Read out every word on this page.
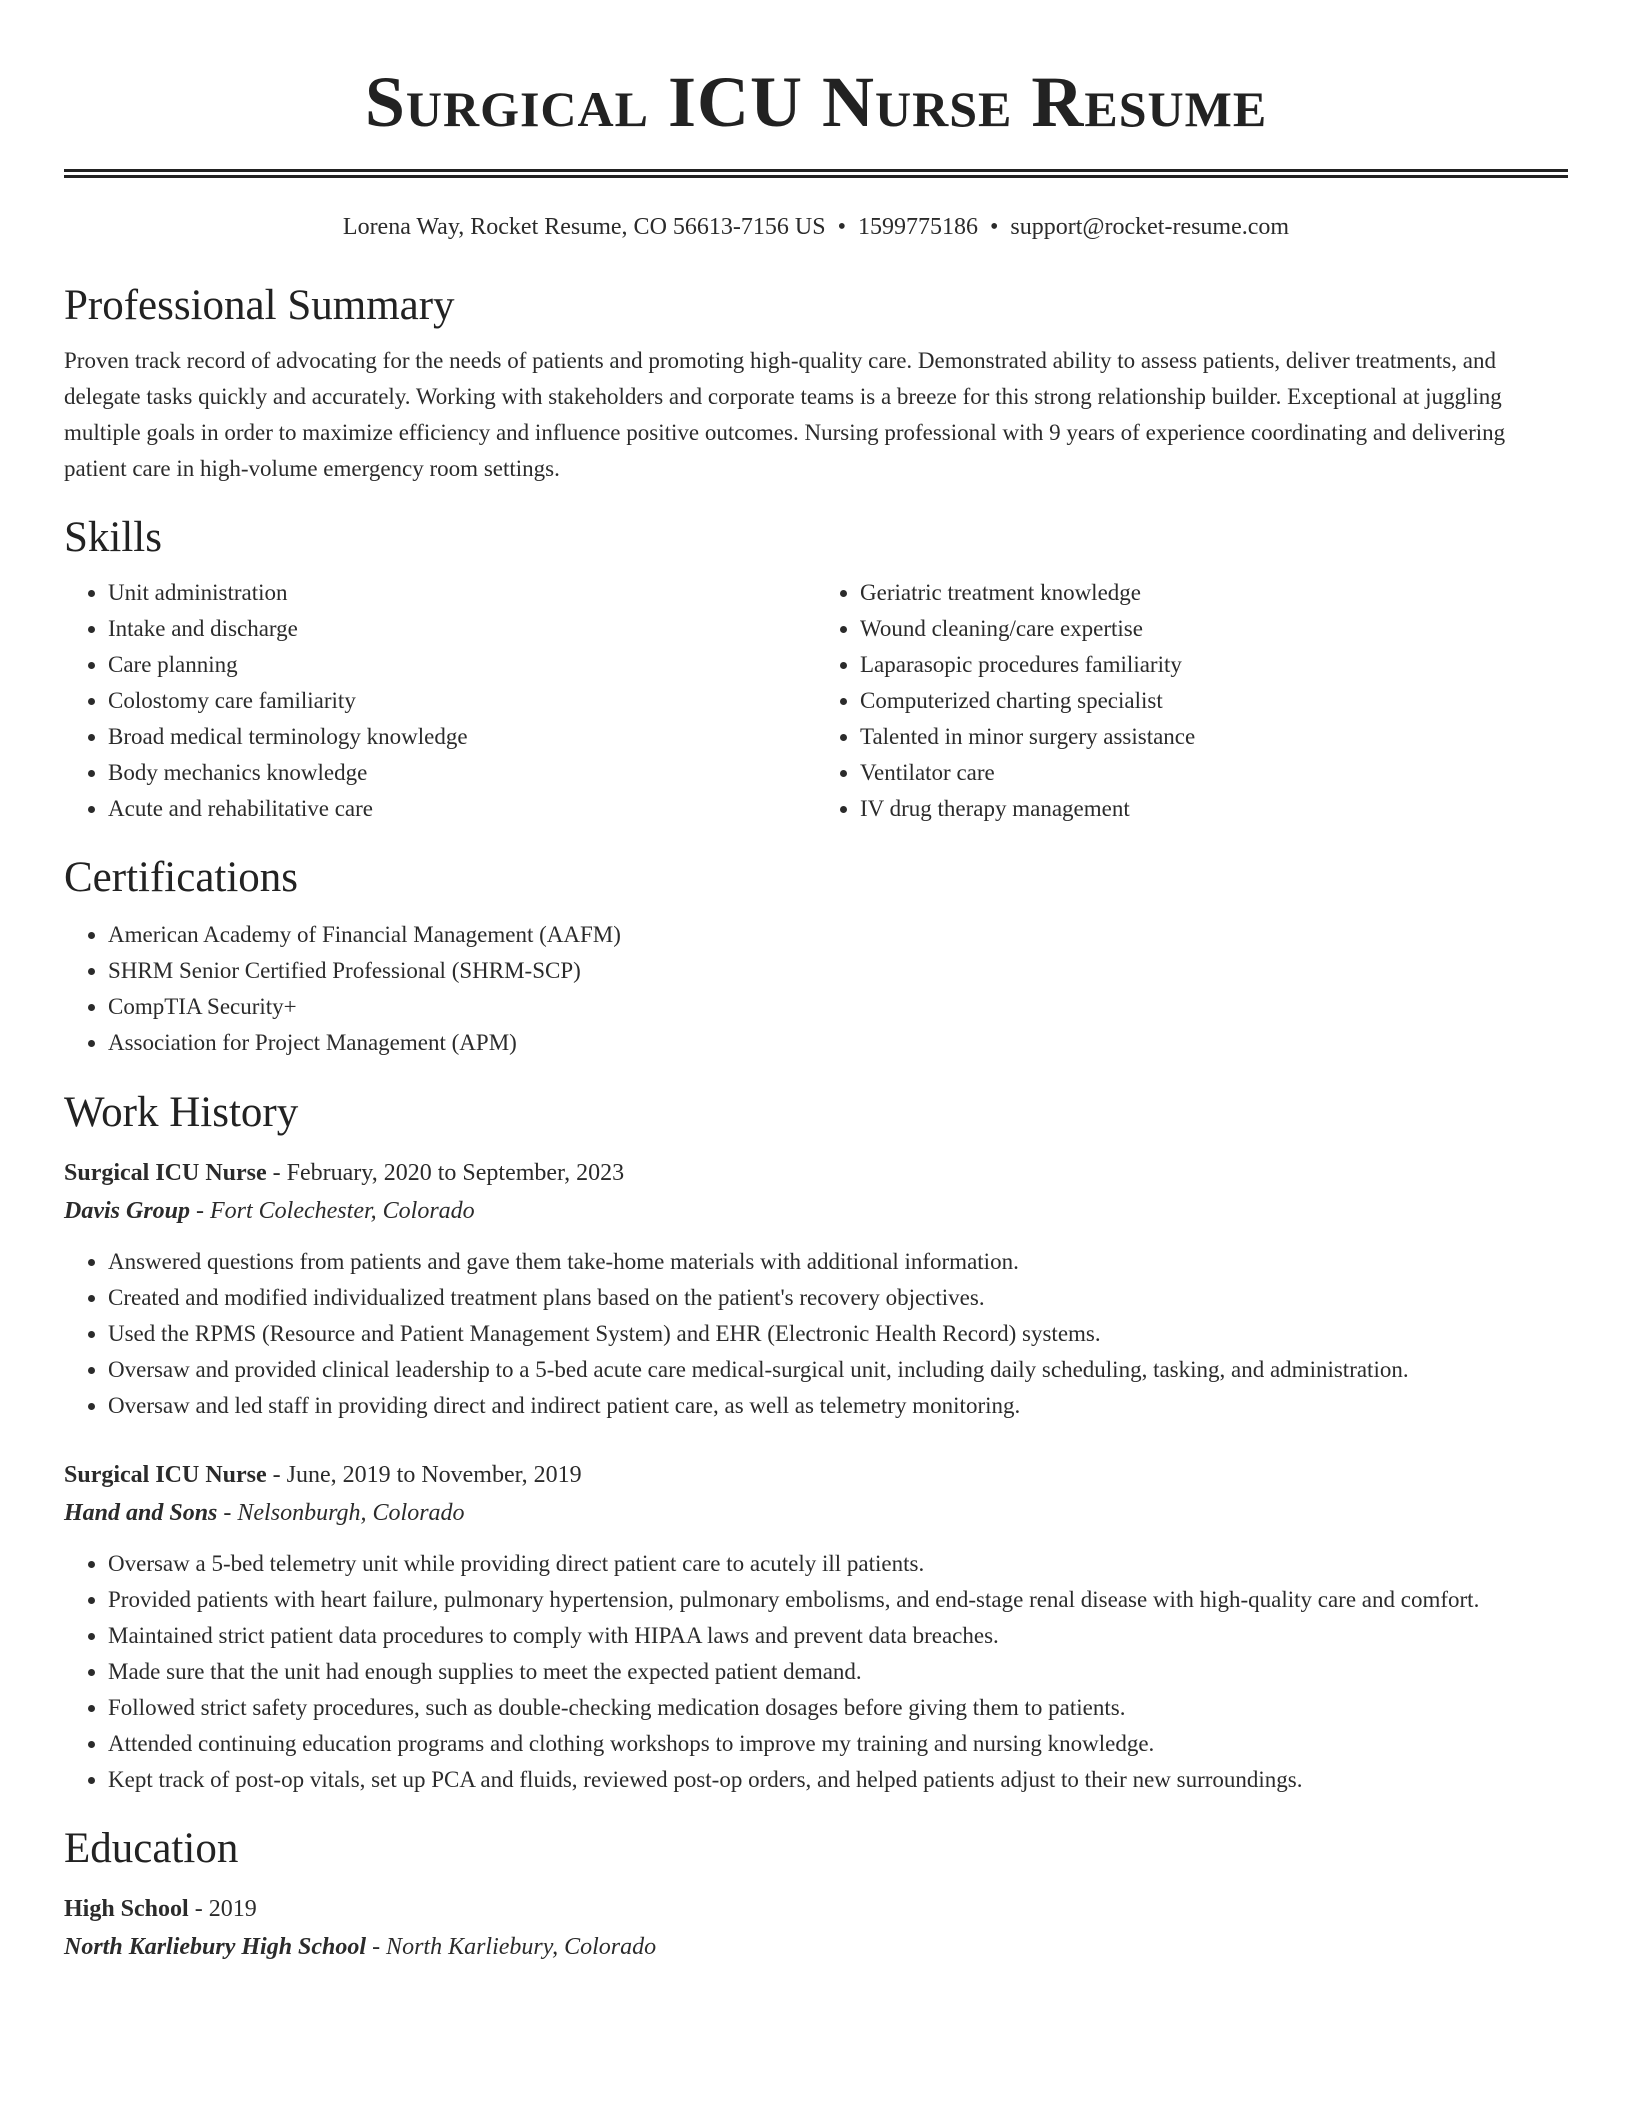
Surgical ICU Nurse Resume
Lorena Way, Rocket Resume, CO 56613-7156 US • 1599775186 • support@rocket-resume.com
Professional Summary
Proven track record of advocating for the needs of patients and promoting high-quality care. Demonstrated ability to assess patients, deliver treatments, and delegate tasks quickly and accurately. Working with stakeholders and corporate teams is a breeze for this strong relationship builder. Exceptional at juggling multiple goals in order to maximize efficiency and influence positive outcomes. Nursing professional with 9 years of experience coordinating and delivering patient care in high-volume emergency room settings.
Skills
• Unit administration
• Intake and discharge
• Care planning
• Colostomy care familiarity
• Broad medical terminology knowledge
• Body mechanics knowledge
• Acute and rehabilitative care
• Geriatric treatment knowledge
• Wound cleaning/care expertise
• Laparasopic procedures familiarity
• Computerized charting specialist
• Talented in minor surgery assistance
• Ventilator care
• IV drug therapy management
Certifications
• American Academy of Financial Management (AAFM)
• SHRM Senior Certified Professional (SHRM-SCP)
• CompTIA Security+
• Association for Project Management (APM)
Work History
Surgical ICU Nurse - February, 2020 to September, 2023
Davis Group - Fort Colechester, Colorado
• Answered questions from patients and gave them take-home materials with additional information.
• Created and modified individualized treatment plans based on the patient's recovery objectives.
• Used the RPMS (Resource and Patient Management System) and EHR (Electronic Health Record) systems.
• Oversaw and provided clinical leadership to a 5-bed acute care medical-surgical unit, including daily scheduling, tasking, and administration.
• Oversaw and led staff in providing direct and indirect patient care, as well as telemetry monitoring.
Surgical ICU Nurse - June, 2019 to November, 2019
Hand and Sons - Nelsonburgh, Colorado
• Oversaw a 5-bed telemetry unit while providing direct patient care to acutely ill patients.
• Provided patients with heart failure, pulmonary hypertension, pulmonary embolisms, and end-stage renal disease with high-quality care and comfort.
• Maintained strict patient data procedures to comply with HIPAA laws and prevent data breaches.
• Made sure that the unit had enough supplies to meet the expected patient demand.
• Followed strict safety procedures, such as double-checking medication dosages before giving them to patients.
• Attended continuing education programs and clothing workshops to improve my training and nursing knowledge.
• Kept track of post-op vitals, set up PCA and fluids, reviewed post-op orders, and helped patients adjust to their new surroundings.
Education
High School - 2019
North Karliebury High School - North Karliebury, Colorado
